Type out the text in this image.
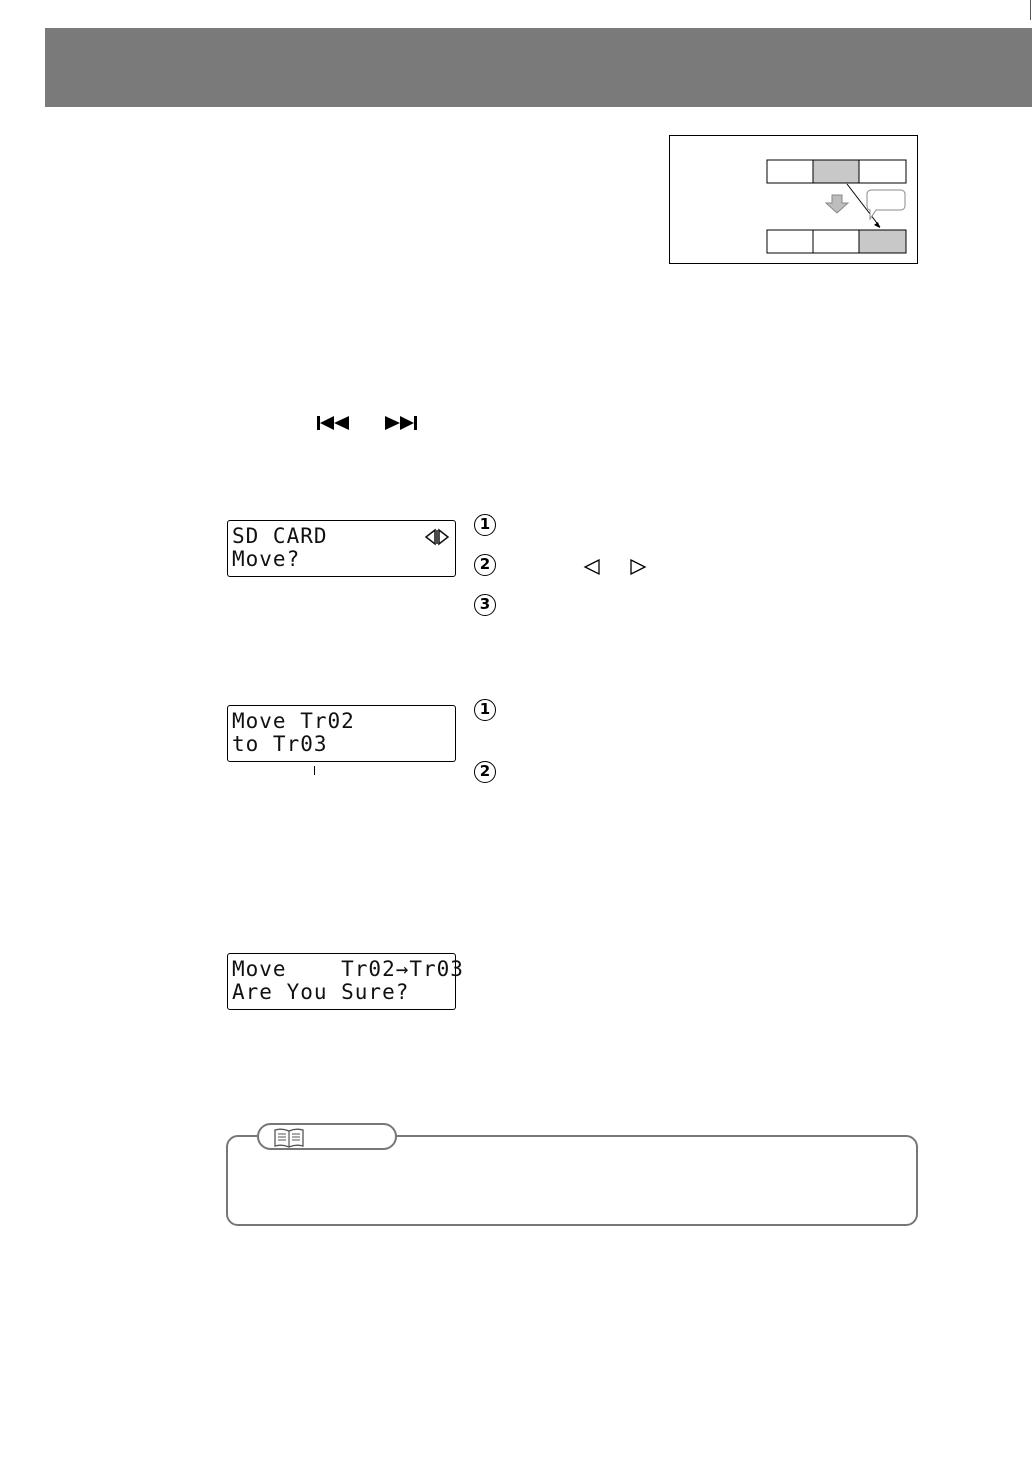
SD CARD
Move?
1
2
3
Move Tr02
to Tr03
1
2
Move    Tr02→Tr03
Are You Sure?
